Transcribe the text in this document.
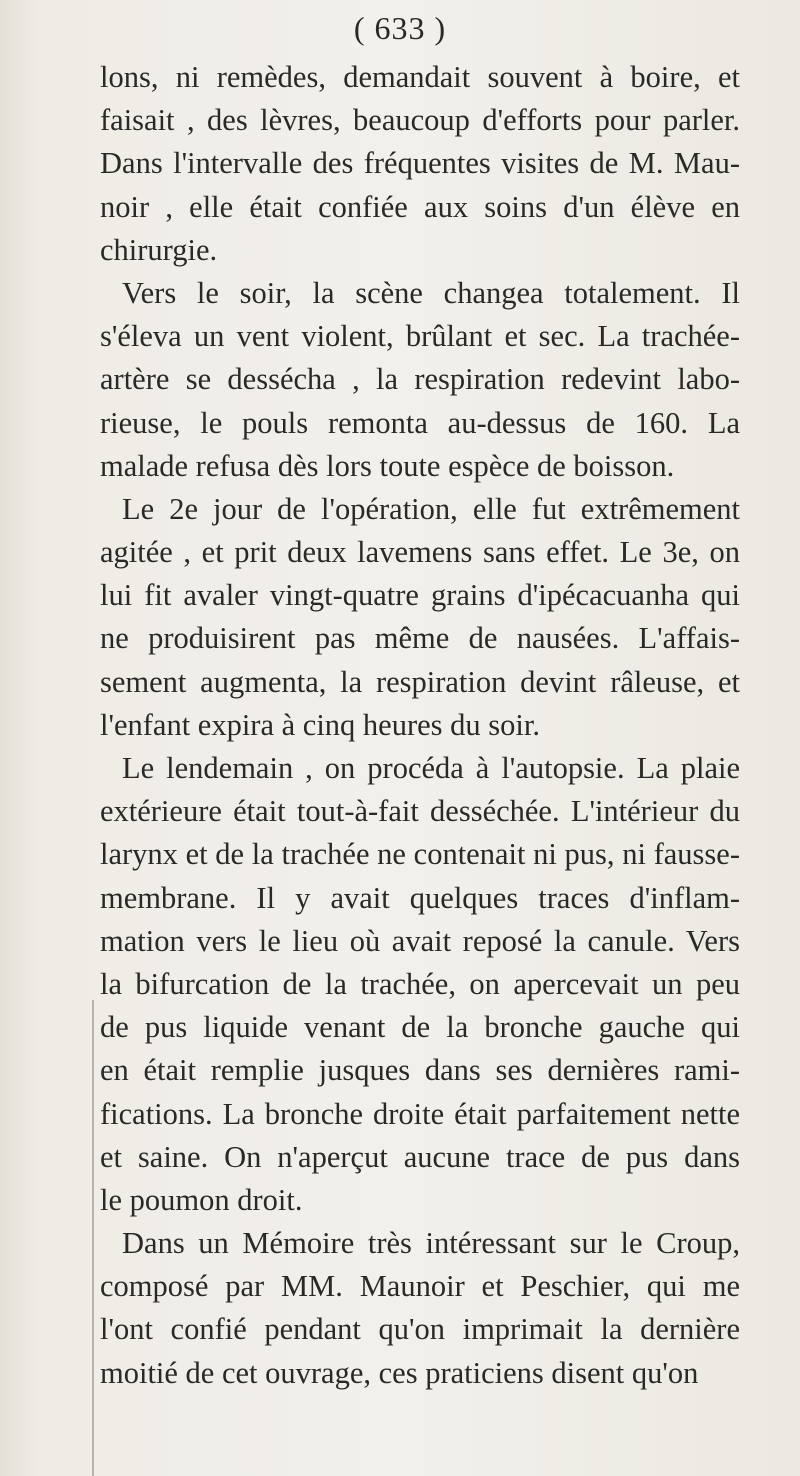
( 633 )
lons, ni remèdes, demandait souvent à boire, et
faisait , des lèvres, beaucoup d'efforts pour parler.
Dans l'intervalle des fréquentes visites de M. Mau-
noir , elle était confiée aux soins d'un élève en
chirurgie.
Vers le soir, la scène changea totalement. Il
s'éleva un vent violent, brûlant et sec. La trachée-
artère se dessécha , la respiration redevint labo-
rieuse, le pouls remonta au-dessus de 160. La
malade refusa dès lors toute espèce de boisson.
Le 2e jour de l'opération, elle fut extrêmement
agitée , et prit deux lavemens sans effet. Le 3e, on
lui fit avaler vingt-quatre grains d'ipécacuanha qui
ne produisirent pas même de nausées. L'affais-
sement augmenta, la respiration devint râleuse, et
l'enfant expira à cinq heures du soir.
Le lendemain , on procéda à l'autopsie. La plaie
extérieure était tout-à-fait desséchée. L'intérieur du
larynx et de la trachée ne contenait ni pus, ni fausse-
membrane. Il y avait quelques traces d'inflam-
mation vers le lieu où avait reposé la canule. Vers
la bifurcation de la trachée, on apercevait un peu
de pus liquide venant de la bronche gauche qui
en était remplie jusques dans ses dernières rami-
fications. La bronche droite était parfaitement nette
et saine. On n'aperçut aucune trace de pus dans
le poumon droit.
Dans un Mémoire très intéressant sur le Croup,
composé par MM. Maunoir et Peschier, qui me
l'ont confié pendant qu'on imprimait la dernière
moitié de cet ouvrage, ces praticiens disent qu'on
